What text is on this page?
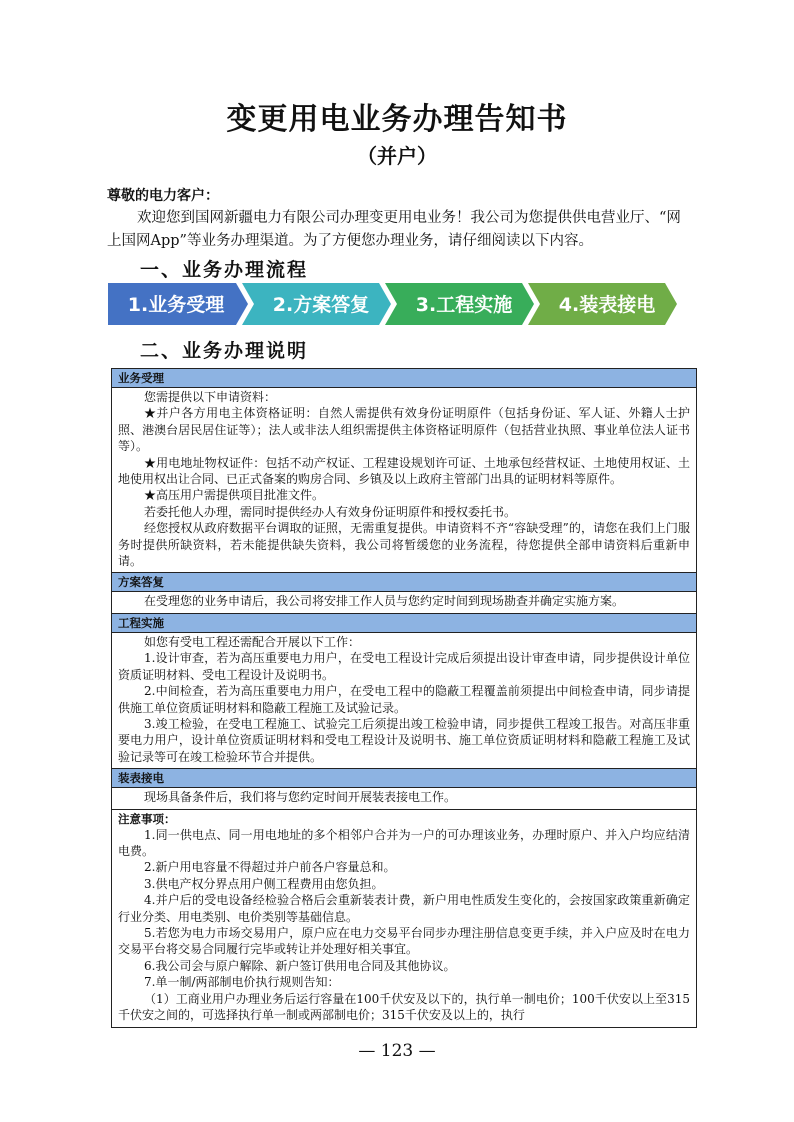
变更用电业务办理告知书
（并户）
尊敬的电力客户：
欢迎您到国网新疆电力有限公司办理变更用电业务！我公司为您提供供电营业厅、“网上国网App”等业务办理渠道。为了方便您办理业务，请仔细阅读以下内容。
一、业务办理流程
1.业务受理	2.方案答复 3.工程实施 4.装表接电
二、业务办理说明
业务受理

您需提供以下申请资料：

★并户各方用电主体资格证明：自然人需提供有效身份证明原件（包括身份证、军人证、外籍人士护照、港澳台居民居住证等）；法人或非法人组织需提供主体资格证明原件（包括营业执照、事业单位法人证书等）。

★用电地址物权证件：包括不动产权证、工程建设规划许可证、土地承包经营权证、土地使用权证、土地使用权出让合同、已正式备案的购房合同、乡镇及以上政府主管部门出具的证明材料等原件。

★高压用户需提供项目批准文件。

若委托他人办理，需同时提供经办人有效身份证明原件和授权委托书。

经您授权从政府数据平台调取的证照，无需重复提供。申请资料不齐“容缺受理”的，请您在我们上门服务时提供所缺资料，若未能提供缺失资料，我公司将暂缓您的业务流程，待您提供全部申请资料后重新申请。

方案答复

在受理您的业务申请后，我公司将安排工作人员与您约定时间到现场勘查并确定实施方案。

工程实施

如您有受电工程还需配合开展以下工作：

1.设计审查，若为高压重要电力用户，在受电工程设计完成后须提出设计审查申请，同步提供设计单位资质证明材料、受电工程设计及说明书。

2.中间检查，若为高压重要电力用户，在受电工程中的隐蔽工程覆盖前须提出中间检查申请，同步请提供施工单位资质证明材料和隐蔽工程施工及试验记录。

3.竣工检验，在受电工程施工、试验完工后须提出竣工检验申请，同步提供工程竣工报告。对高压非重要电力用户，设计单位资质证明材料和受电工程设计及说明书、施工单位资质证明材料和隐蔽工程施工及试验记录等可在竣工检验环节合并提供。

装表接电

现场具备条件后，我们将与您约定时间开展装表接电工作。

注意事项：

1.同一供电点、同一用电地址的多个相邻户合并为一户的可办理该业务，办理时原户、并入户均应结清电费。

2.新户用电容量不得超过并户前各户容量总和。

3.供电产权分界点用户侧工程费用由您负担。

4.并户后的受电设备经检验合格后会重新装表计费，新户用电性质发生变化的，会按国家政策重新确定行业分类、用电类别、电价类别等基础信息。

5.若您为电力市场交易用户，原户应在电力交易平台同步办理注册信息变更手续，并入户应及时在电力交易平台将交易合同履行完毕或转让并处理好相关事宜。

6.我公司会与原户解除、新户签订供用电合同及其他协议。

7.单一制/两部制电价执行规则告知：

（1）工商业用户办理业务后运行容量在100千伏安及以下的，执行单一制电价；100千伏安以上至315千伏安之间的，可选择执行单一制或两部制电价；315千伏安及以上的，执行

— 123 —
